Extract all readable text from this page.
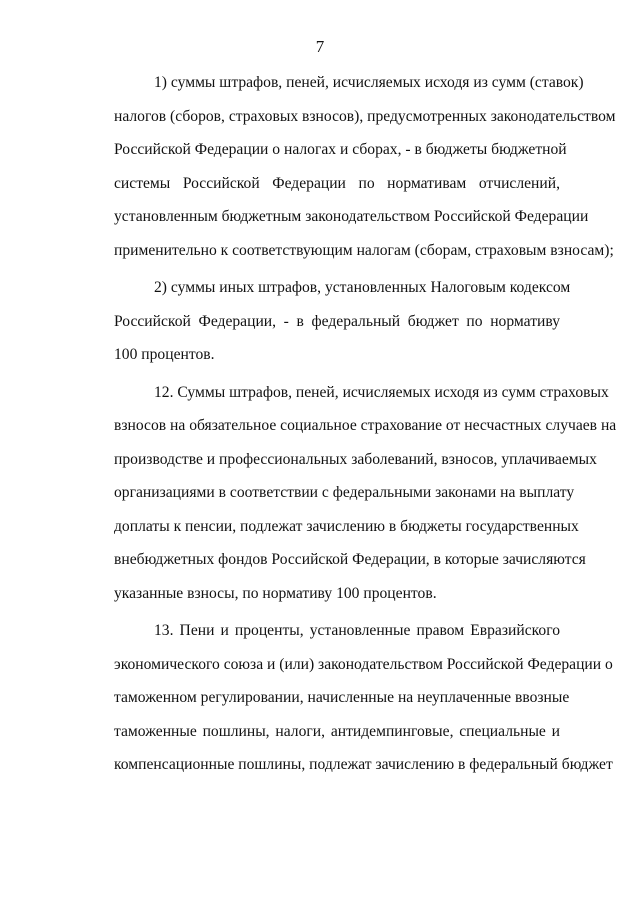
7
1) суммы штрафов, пеней, исчисляемых исходя из сумм (ставок)
налогов (сборов, страховых взносов), предусмотренных законодательством
Российской Федерации о налогах и сборах, - в бюджеты бюджетной
системы Российской Федерации по нормативам отчислений,
установленным бюджетным законодательством Российской Федерации
применительно к соответствующим налогам (сборам, страховым взносам);
2) суммы иных штрафов, установленных Налоговым кодексом
Российской Федерации, - в федеральный бюджет по нормативу
100 процентов.
12. Суммы штрафов, пеней, исчисляемых исходя из сумм страховых
взносов на обязательное социальное страхование от несчастных случаев на
производстве и профессиональных заболеваний, взносов, уплачиваемых
организациями в соответствии с федеральными законами на выплату
доплаты к пенсии, подлежат зачислению в бюджеты государственных
внебюджетных фондов Российской Федерации, в которые зачисляются
указанные взносы, по нормативу 100 процентов.
13. Пени и проценты, установленные правом Евразийского
экономического союза и (или) законодательством Российской Федерации о
таможенном регулировании, начисленные на неуплаченные ввозные
таможенные пошлины, налоги, антидемпинговые, специальные и
компенсационные пошлины, подлежат зачислению в федеральный бюджет
